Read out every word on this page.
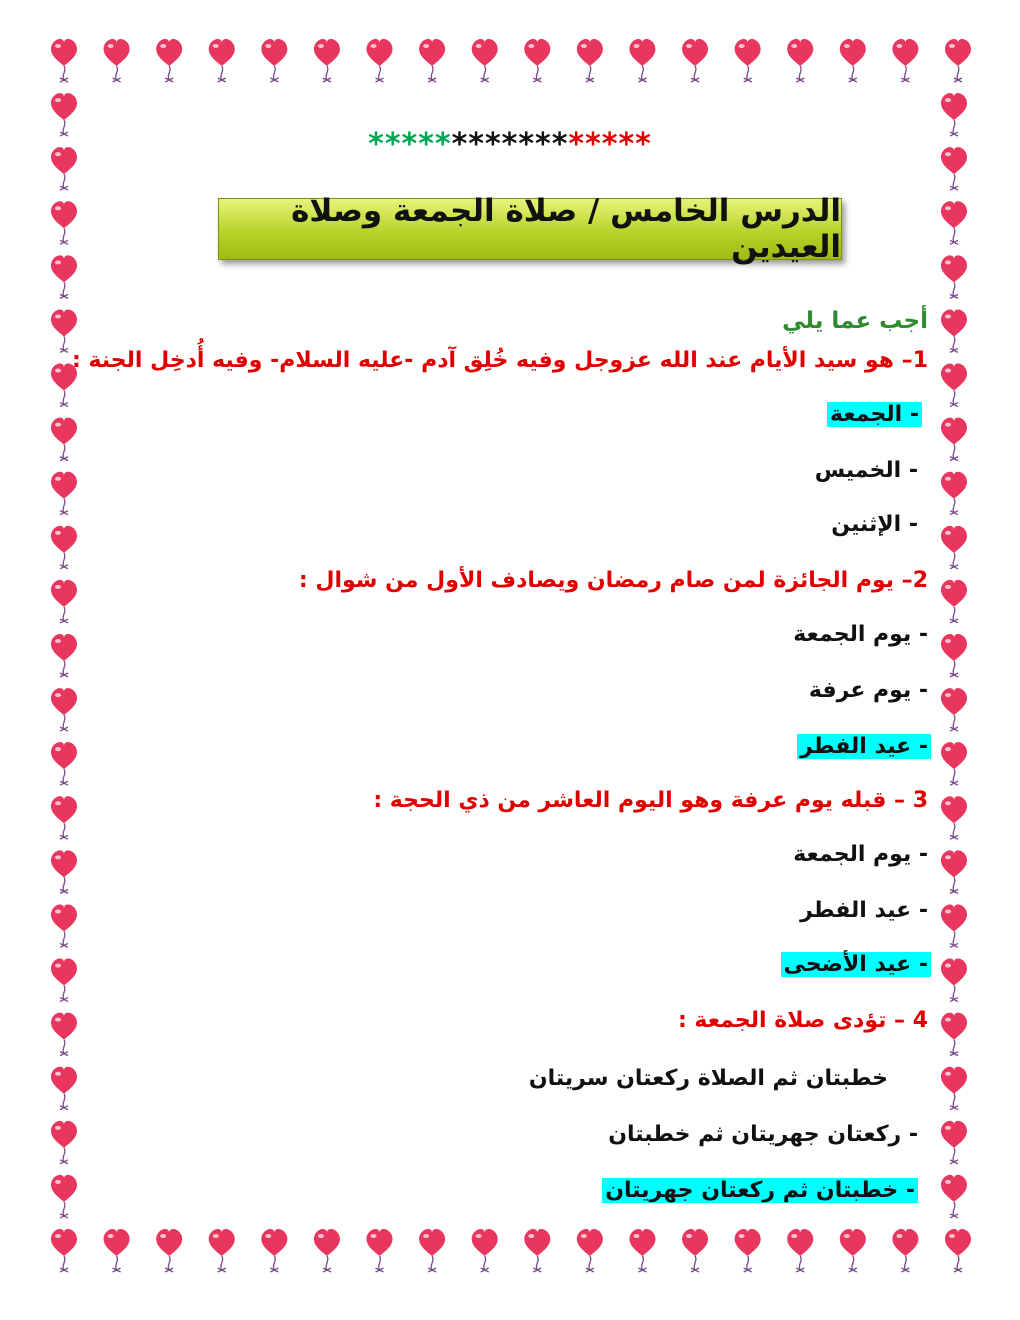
*****************
الدرس الخامس / صلاة الجمعة وصلاة العيدين
أجب عما يلي
1– هو سيد الأيام عند الله عزوجل وفيه خُلِق آدم -عليه السلام- وفيه أُدخِل الجنة :
- الجمعة
- الخميس
- الإثنين
2– يوم الجائزة لمن صام رمضان ويصادف الأول من شوال :
- يوم الجمعة
- يوم عرفة
- عيد الفطر
3 – قبله يوم عرفة وهو اليوم العاشر من ذي الحجة :
- يوم الجمعة
- عيد الفطر
- عيد الأضحى
4 – تؤدى صلاة الجمعة :
خطبتان ثم الصلاة ركعتان سريتان
- ركعتان جهريتان ثم خطبتان
- خطبتان ثم ركعتان جهريتان
